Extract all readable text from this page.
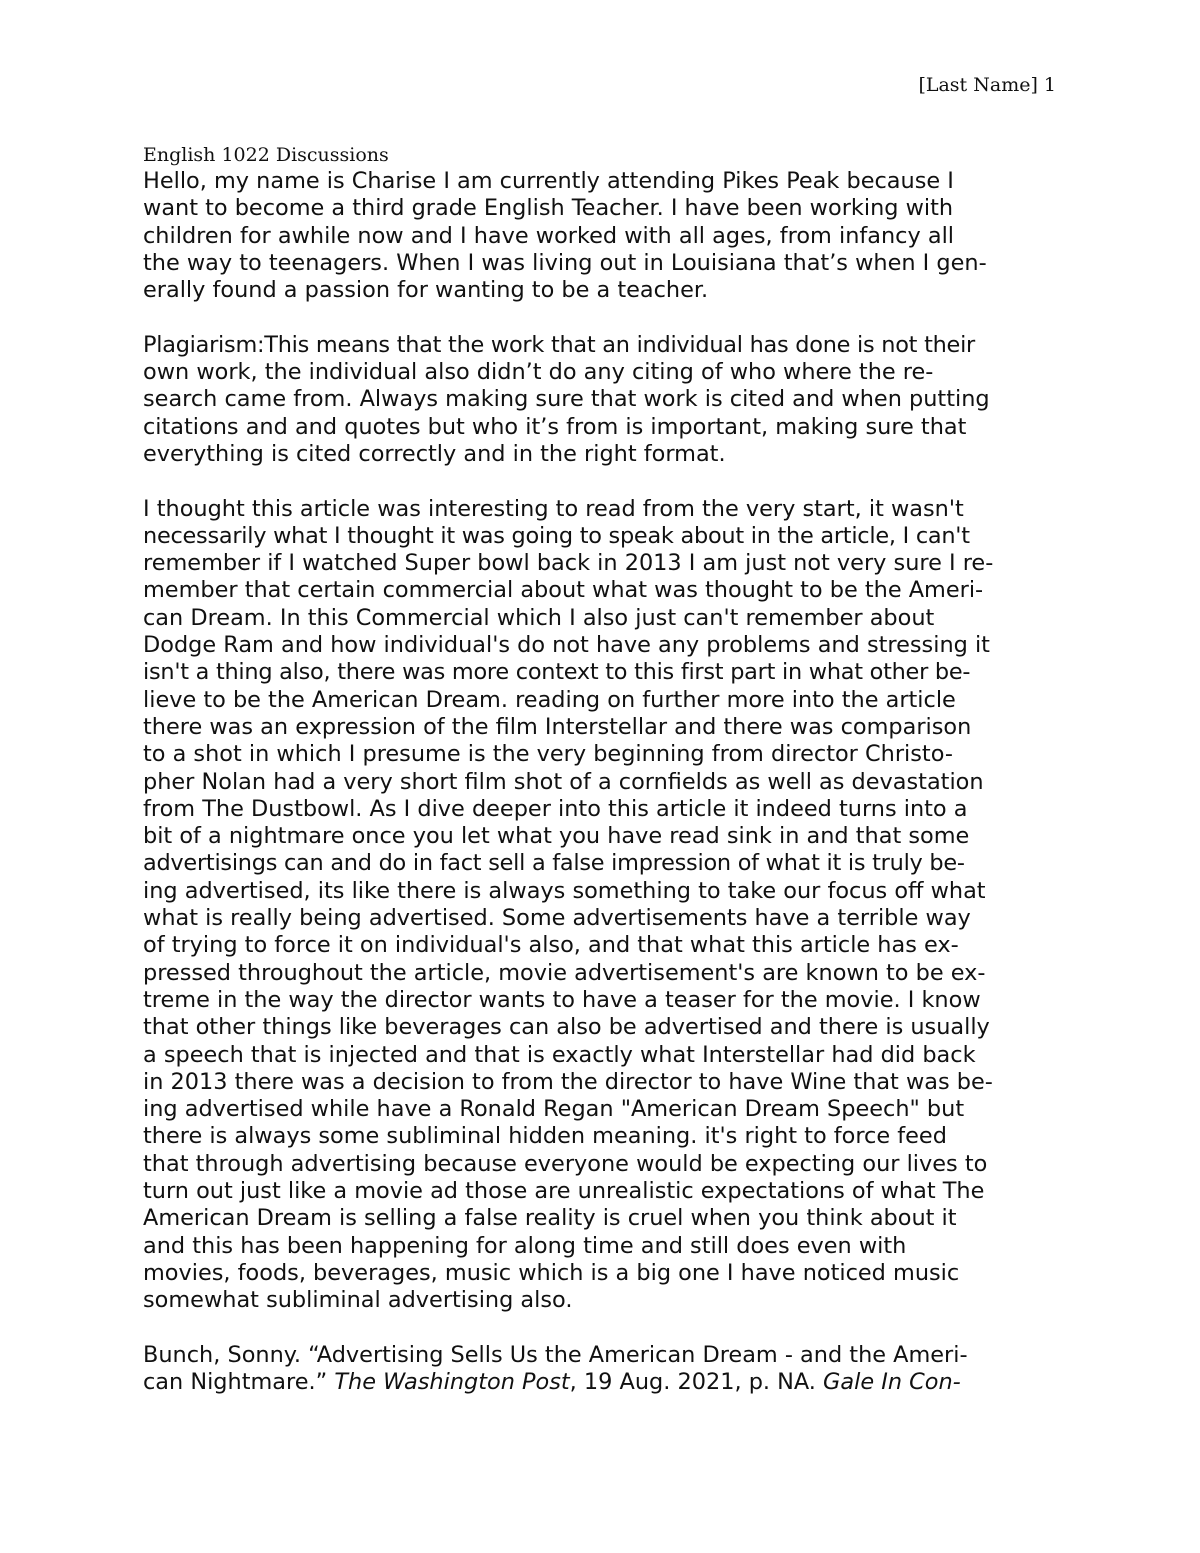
[Last Name] 1
English 1022 Discussions
Hello, my name is Charise I am currently attending Pikes Peak because I
want to become a third grade English Teacher. I have been working with
children for awhile now and I have worked with all ages, from infancy all
the way to teenagers. When I was living out in Louisiana that’s when I gen-
erally found a passion for wanting to be a teacher.
Plagiarism:This means that the work that an individual has done is not their
own work, the individual also didn’t do any citing of who where the re-
search came from. Always making sure that work is cited and when putting
citations and and quotes but who it’s from is important, making sure that
everything is cited correctly and in the right format.
I thought this article was interesting to read from the very start, it wasn't
necessarily what I thought it was going to speak about in the article, I can't
remember if I watched Super bowl back in 2013 I am just not very sure I re-
member that certain commercial about what was thought to be the Ameri-
can Dream. In this Commercial which I also just can't remember about
Dodge Ram and how individual's do not have any problems and stressing it
isn't a thing also, there was more context to this first part in what other be-
lieve to be the American Dream. reading on further more into the article
there was an expression of the film Interstellar and there was comparison
to a shot in which I presume is the very beginning from director Christo-
pher Nolan had a very short film shot of a cornfields as well as devastation
from The Dustbowl. As I dive deeper into this article it indeed turns into a
bit of a nightmare once you let what you have read sink in and that some
advertisings can and do in fact sell a false impression of what it is truly be-
ing advertised, its like there is always something to take our focus off what
what is really being advertised. Some advertisements have a terrible way
of trying to force it on individual's also, and that what this article has ex-
pressed throughout the article, movie advertisement's are known to be ex-
treme in the way the director wants to have a teaser for the movie. I know
that other things like beverages can also be advertised and there is usually
a speech that is injected and that is exactly what Interstellar had did back
in 2013 there was a decision to from the director to have Wine that was be-
ing advertised while have a Ronald Regan "American Dream Speech" but
there is always some subliminal hidden meaning. it's right to force feed
that through advertising because everyone would be expecting our lives to
turn out just like a movie ad those are unrealistic expectations of what The
American Dream is selling a false reality is cruel when you think about it
and this has been happening for along time and still does even with
movies, foods, beverages, music which is a big one I have noticed music
somewhat subliminal advertising also.
Bunch, Sonny. “Advertising Sells Us the American Dream - and the Ameri-
can Nightmare.” The Washington Post, 19 Aug. 2021, p. NA. Gale In Con-
